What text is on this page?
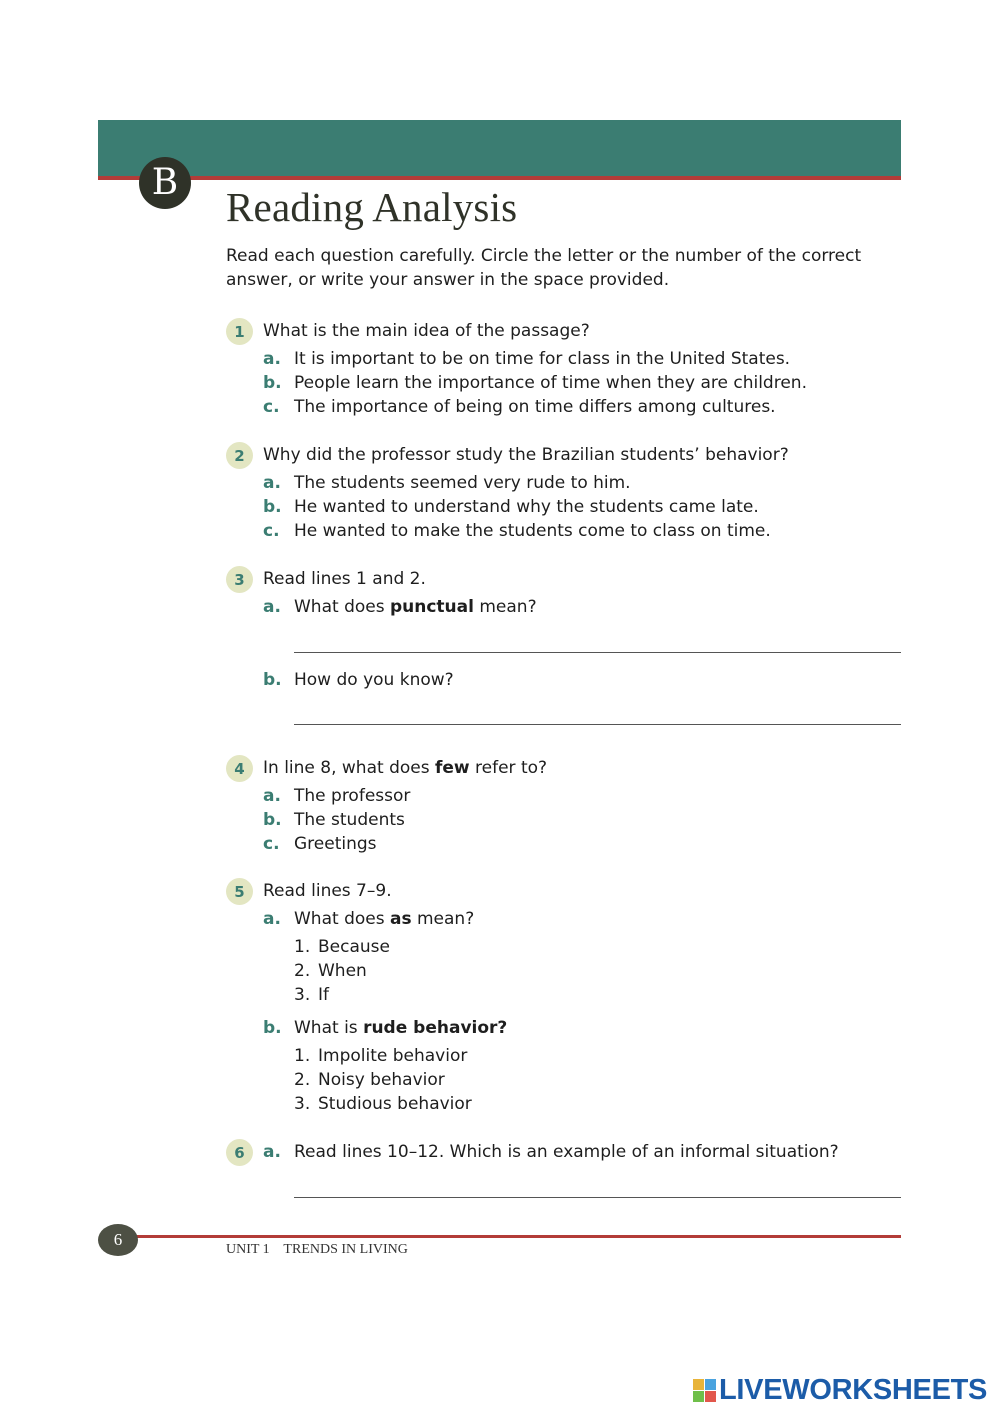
B
Reading Analysis

Read each question carefully. Circle the letter or the number of the correct answer, or write your answer in the space provided.

1	What is the main idea of the passage?
a. It is important to be on time for class in the United States.
b. People learn the importance of time when they are children.
c. The importance of being on time differs among cultures.
2	Why did the professor study the Brazilian students’ behavior?
a. The students seemed very rude to him.
b. He wanted to understand why the students came late.
c. He wanted to make the students come to class on time.
3	Read lines 1 and 2.
a. What does punctual mean?
b. How do you know?
4	In line 8, what does few refer to?
a. The professor
b. The students
c. Greetings
5	Read lines 7–9.
a. What does as mean?
1. Because
2. When
3. If
b. What is rude behavior?
1. Impolite behavior
2. Noisy behavior
3. Studious behavior
6	a. Read lines 10–12. Which is an example of an informal situation?
6
UNIT 1    TRENDS IN LIVING
LIVEWORKSHEETS
